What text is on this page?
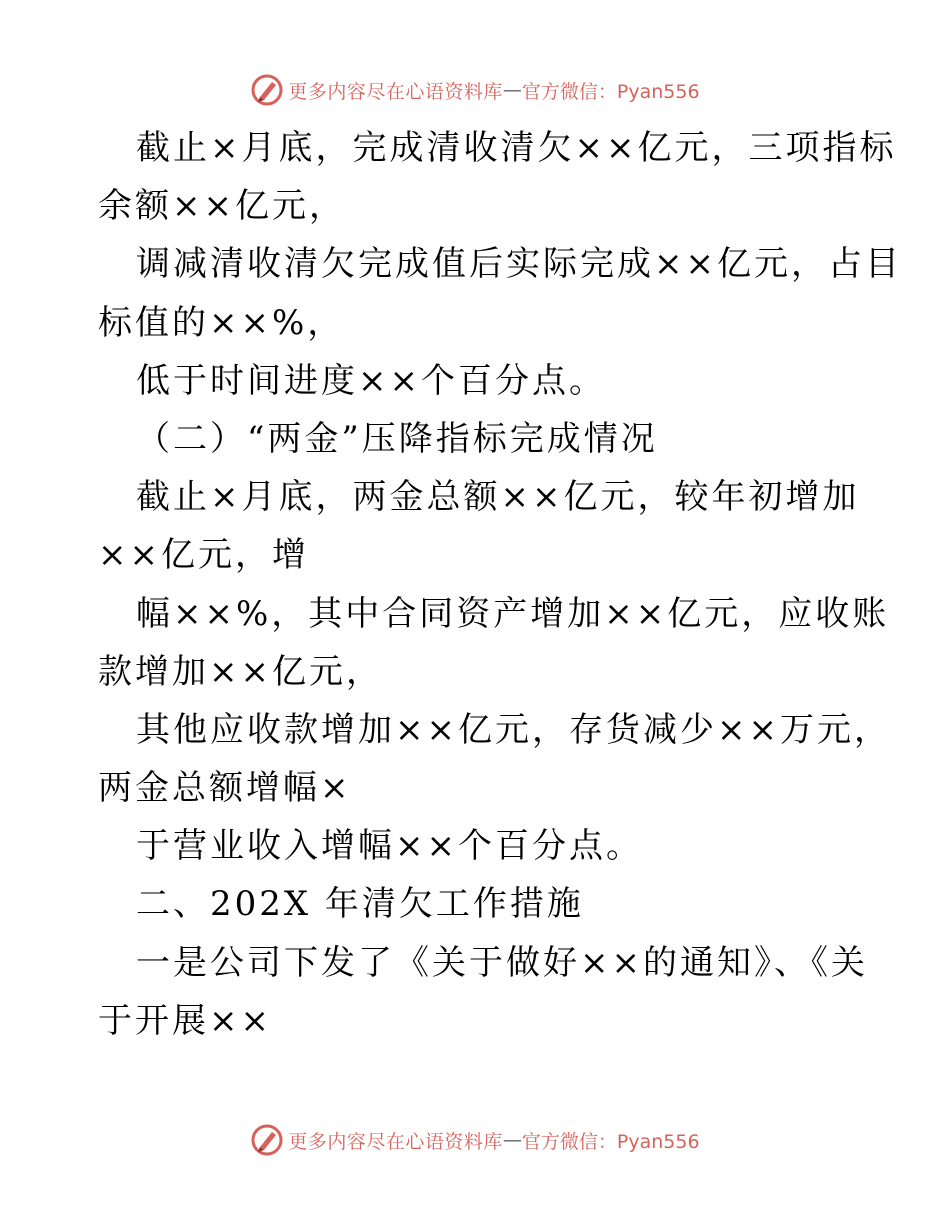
更多内容尽在心语资料库 — 官方微信：Pyan556
截止×月底，完成清收清欠××亿元，三项指标
余额××亿元，
调减清收清欠完成值后实际完成××亿元，占目
标值的××%，
低于时间进度××个百分点。
（二）“两金”压降指标完成情况
截止×月底，两金总额××亿元，较年初增加
××亿元，增
幅××%，其中合同资产增加××亿元，应收账
款增加××亿元，
其他应收款增加××亿元，存货减少××万元，
两金总额增幅×
于营业收入增幅××个百分点。
二、202X 年清欠工作措施
一是公司下发了《关于做好××的通知》、《关
于开展××
更多内容尽在心语资料库 — 官方微信：Pyan556
